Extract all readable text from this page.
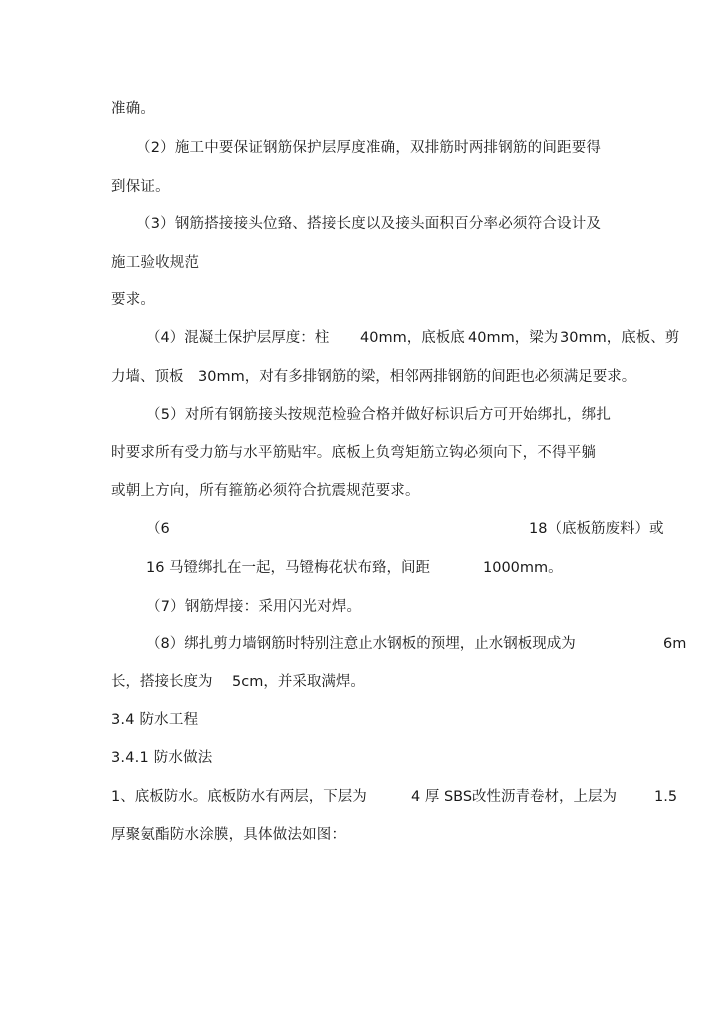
准确。
（2）施工中要保证钢筋保护层厚度准确，双排筋时两排钢筋的间距要得
到保证。
（3）钢筋搭接接头位臵、搭接长度以及接头面积百分率必须符合设计及
施工验收规范
要求。
（4）混凝土保护层厚度：柱 40mm，底板底 40mm，梁为 30mm，底板、剪
力墙、顶板 30mm，对有多排钢筋的梁，相邻两排钢筋的间距也必须满足要求。
（5）对所有钢筋接头按规范检验合格并做好标识后方可开始绑扎，绑扎
时要求所有受力筋与水平筋贴牢。底板上负弯矩筋立钩必须向下，不得平躺
或朝上方向，所有箍筋必须符合抗震规范要求。
（6	18（底板筋废料）或
16 马镫绑扎在一起，马镫梅花状布臵，间距	1000mm。
（7）钢筋焊接：采用闪光对焊。
（8）绑扎剪力墙钢筋时特别注意止水钢板的预埋，止水钢板现成为	6m
长，搭接长度为 5cm，并采取满焊。
3.4 防水工程
3.4.1 防水做法
1、底板防水。底板防水有两层，下层为	4 厚 SBS改性沥青卷材，上层为	1.5
厚聚氨酯防水涂膜，具体做法如图：
